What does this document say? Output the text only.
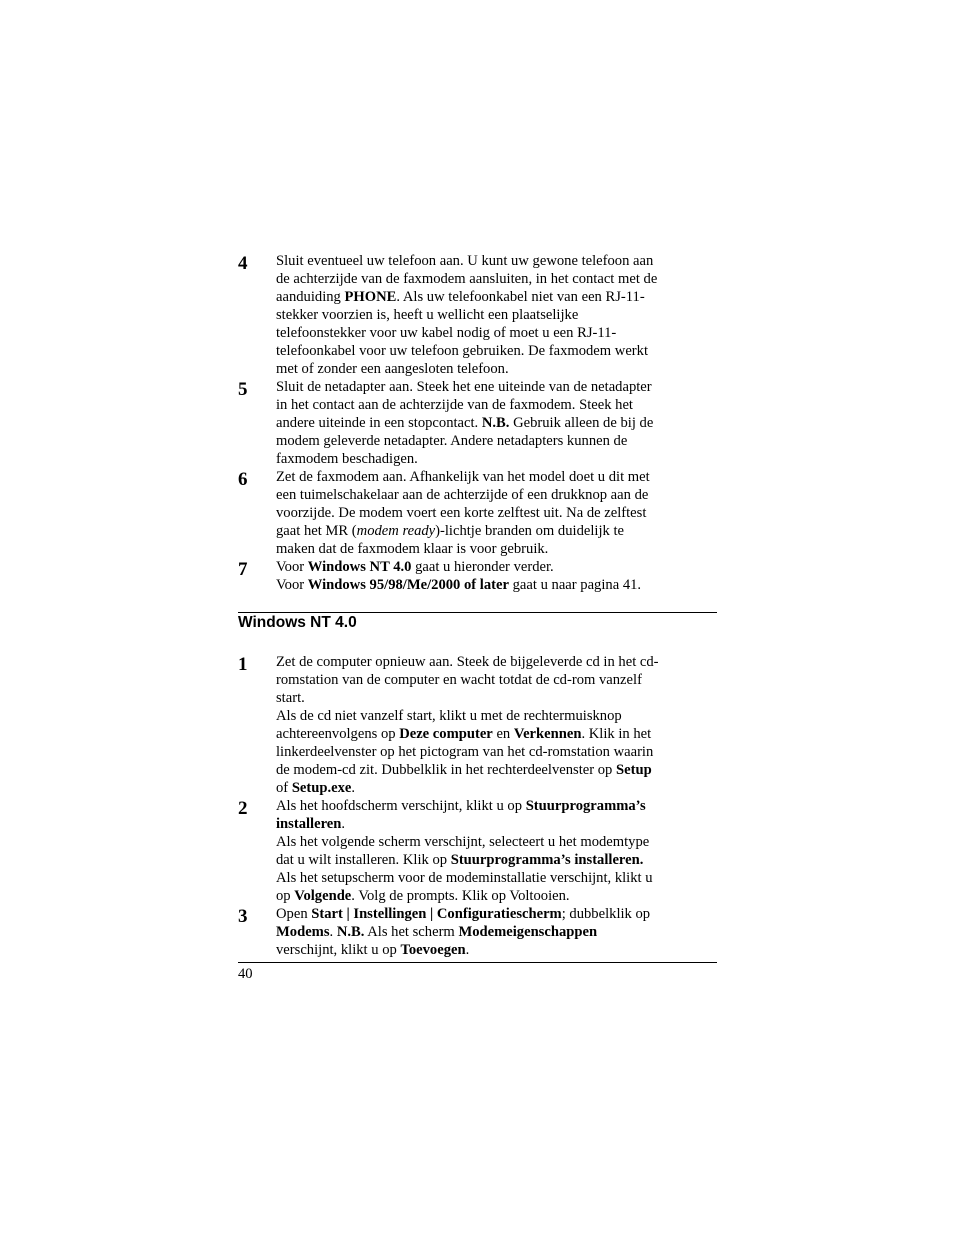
4 Sluit eventueel uw telefoon aan. U kunt uw gewone telefoon aan
de achterzijde van de faxmodem aansluiten, in het contact met de
aanduiding PHONE. Als uw telefoonkabel niet van een RJ-11-
stekker voorzien is, heeft u wellicht een plaatselijke
telefoonstekker voor uw kabel nodig of moet u een RJ-11-
telefoonkabel voor uw telefoon gebruiken. De faxmodem werkt
met of zonder een aangesloten telefoon.
5 Sluit de netadapter aan. Steek het ene uiteinde van de netadapter
in het contact aan de achterzijde van de faxmodem. Steek het
andere uiteinde in een stopcontact. N.B. Gebruik alleen de bij de
modem geleverde netadapter. Andere netadapters kunnen de
faxmodem beschadigen.
6 Zet de faxmodem aan. Afhankelijk van het model doet u dit met
een tuimelschakelaar aan de achterzijde of een drukknop aan de
voorzijde. De modem voert een korte zelftest uit. Na de zelftest
gaat het MR (modem ready)-lichtje branden om duidelijk te
maken dat de faxmodem klaar is voor gebruik.
7 Voor Windows NT 4.0 gaat u hieronder verder.
Voor Windows 95/98/Me/2000 of later gaat u naar pagina 41.
Windows NT 4.0
1 Zet de computer opnieuw aan. Steek de bijgeleverde cd in het cd-
romstation van de computer en wacht totdat de cd-rom vanzelf
start.
Als de cd niet vanzelf start, klikt u met de rechtermuisknop
achtereenvolgens op Deze computer en Verkennen. Klik in het
linkerdeelvenster op het pictogram van het cd-romstation waarin
de modem-cd zit. Dubbelklik in het rechterdeelvenster op Setup
of Setup.exe.
2 Als het hoofdscherm verschijnt, klikt u op Stuurprogramma’s
installeren.
Als het volgende scherm verschijnt, selecteert u het modemtype
dat u wilt installeren. Klik op Stuurprogramma’s installeren.
Als het setupscherm voor de modeminstallatie verschijnt, klikt u
op Volgende. Volg de prompts. Klik op Voltooien.
3 Open Start | Instellingen | Configuratiescherm; dubbelklik op
Modems. N.B. Als het scherm Modemeigenschappen
verschijnt, klikt u op Toevoegen.
40
